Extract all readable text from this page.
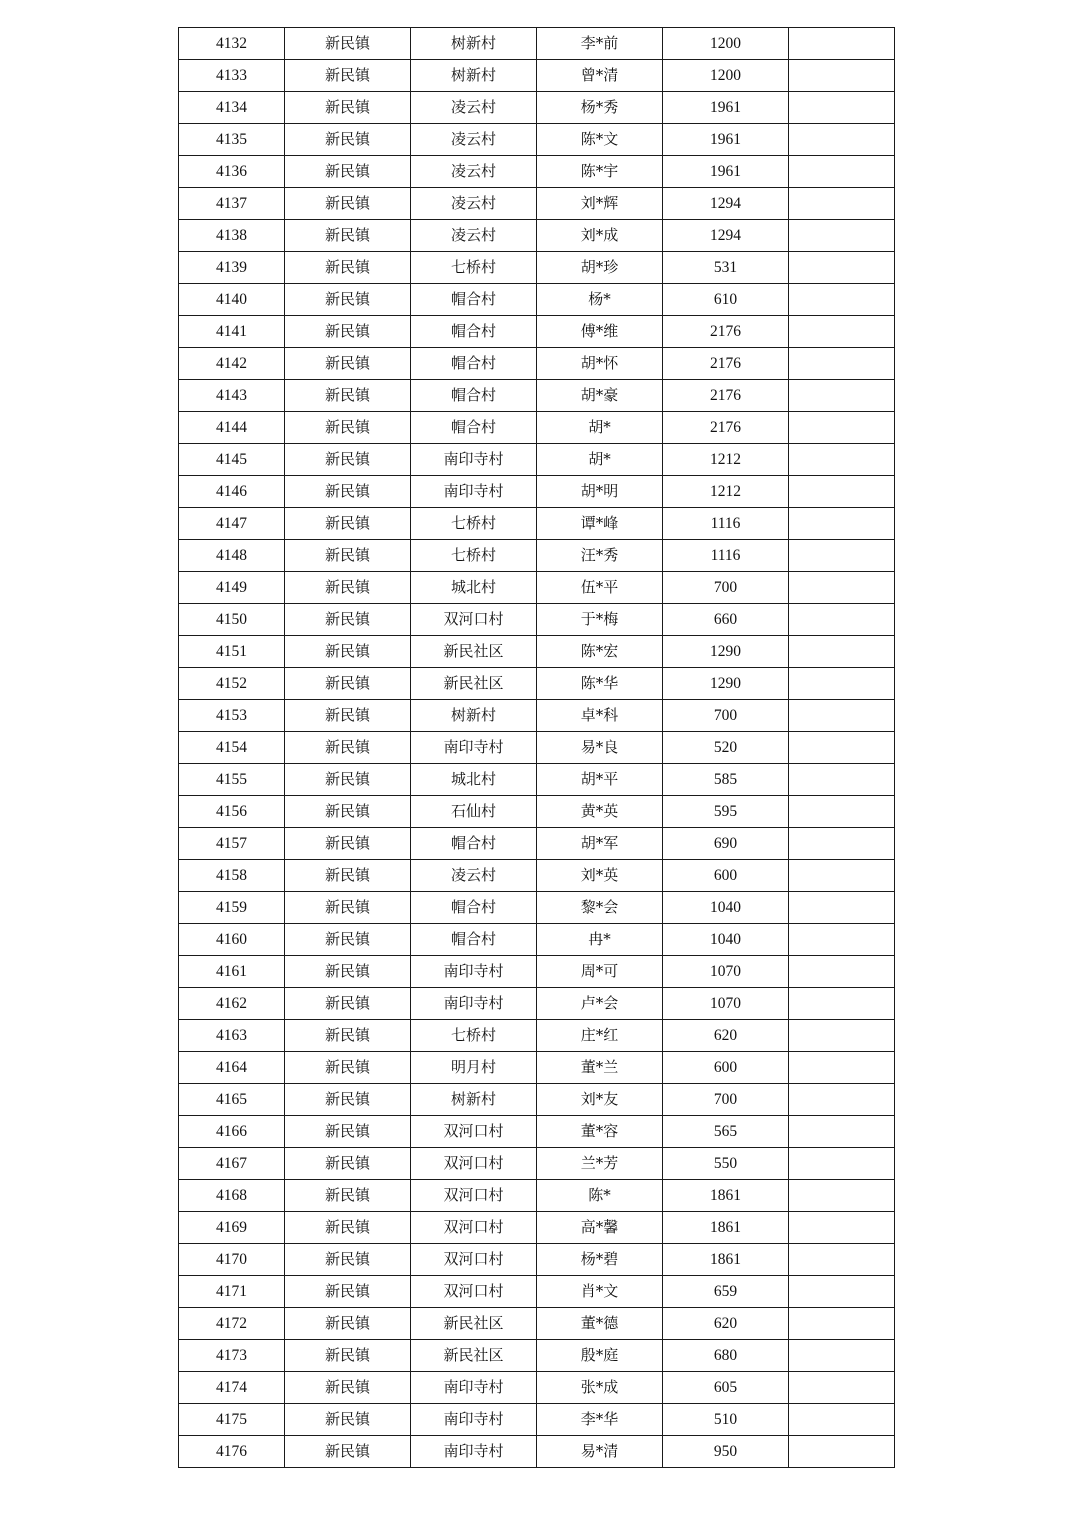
4132	新民镇	树新村	李*前	1200	
4133	新民镇	树新村	曾*清	1200	
4134	新民镇	凌云村	杨*秀	1961	
4135	新民镇	凌云村	陈*文	1961	
4136	新民镇	凌云村	陈*宇	1961	
4137	新民镇	凌云村	刘*辉	1294	
4138	新民镇	凌云村	刘*成	1294	
4139	新民镇	七桥村	胡*珍	531	
4140	新民镇	帽合村	杨*	610	
4141	新民镇	帽合村	傅*维	2176	
4142	新民镇	帽合村	胡*怀	2176	
4143	新民镇	帽合村	胡*豪	2176	
4144	新民镇	帽合村	胡*	2176	
4145	新民镇	南印寺村	胡*	1212	
4146	新民镇	南印寺村	胡*明	1212	
4147	新民镇	七桥村	谭*峰	1116	
4148	新民镇	七桥村	汪*秀	1116	
4149	新民镇	城北村	伍*平	700	
4150	新民镇	双河口村	于*梅	660	
4151	新民镇	新民社区	陈*宏	1290	
4152	新民镇	新民社区	陈*华	1290	
4153	新民镇	树新村	卓*科	700	
4154	新民镇	南印寺村	易*良	520	
4155	新民镇	城北村	胡*平	585	
4156	新民镇	石仙村	黄*英	595	
4157	新民镇	帽合村	胡*军	690	
4158	新民镇	凌云村	刘*英	600	
4159	新民镇	帽合村	黎*会	1040	
4160	新民镇	帽合村	冉*	1040	
4161	新民镇	南印寺村	周*可	1070	
4162	新民镇	南印寺村	卢*会	1070	
4163	新民镇	七桥村	庄*红	620	
4164	新民镇	明月村	董*兰	600	
4165	新民镇	树新村	刘*友	700	
4166	新民镇	双河口村	董*容	565	
4167	新民镇	双河口村	兰*芳	550	
4168	新民镇	双河口村	陈*	1861	
4169	新民镇	双河口村	高*馨	1861	
4170	新民镇	双河口村	杨*碧	1861	
4171	新民镇	双河口村	肖*文	659	
4172	新民镇	新民社区	董*德	620	
4173	新民镇	新民社区	殷*庭	680	
4174	新民镇	南印寺村	张*成	605	
4175	新民镇	南印寺村	李*华	510	
4176	新民镇	南印寺村	易*清	950	
